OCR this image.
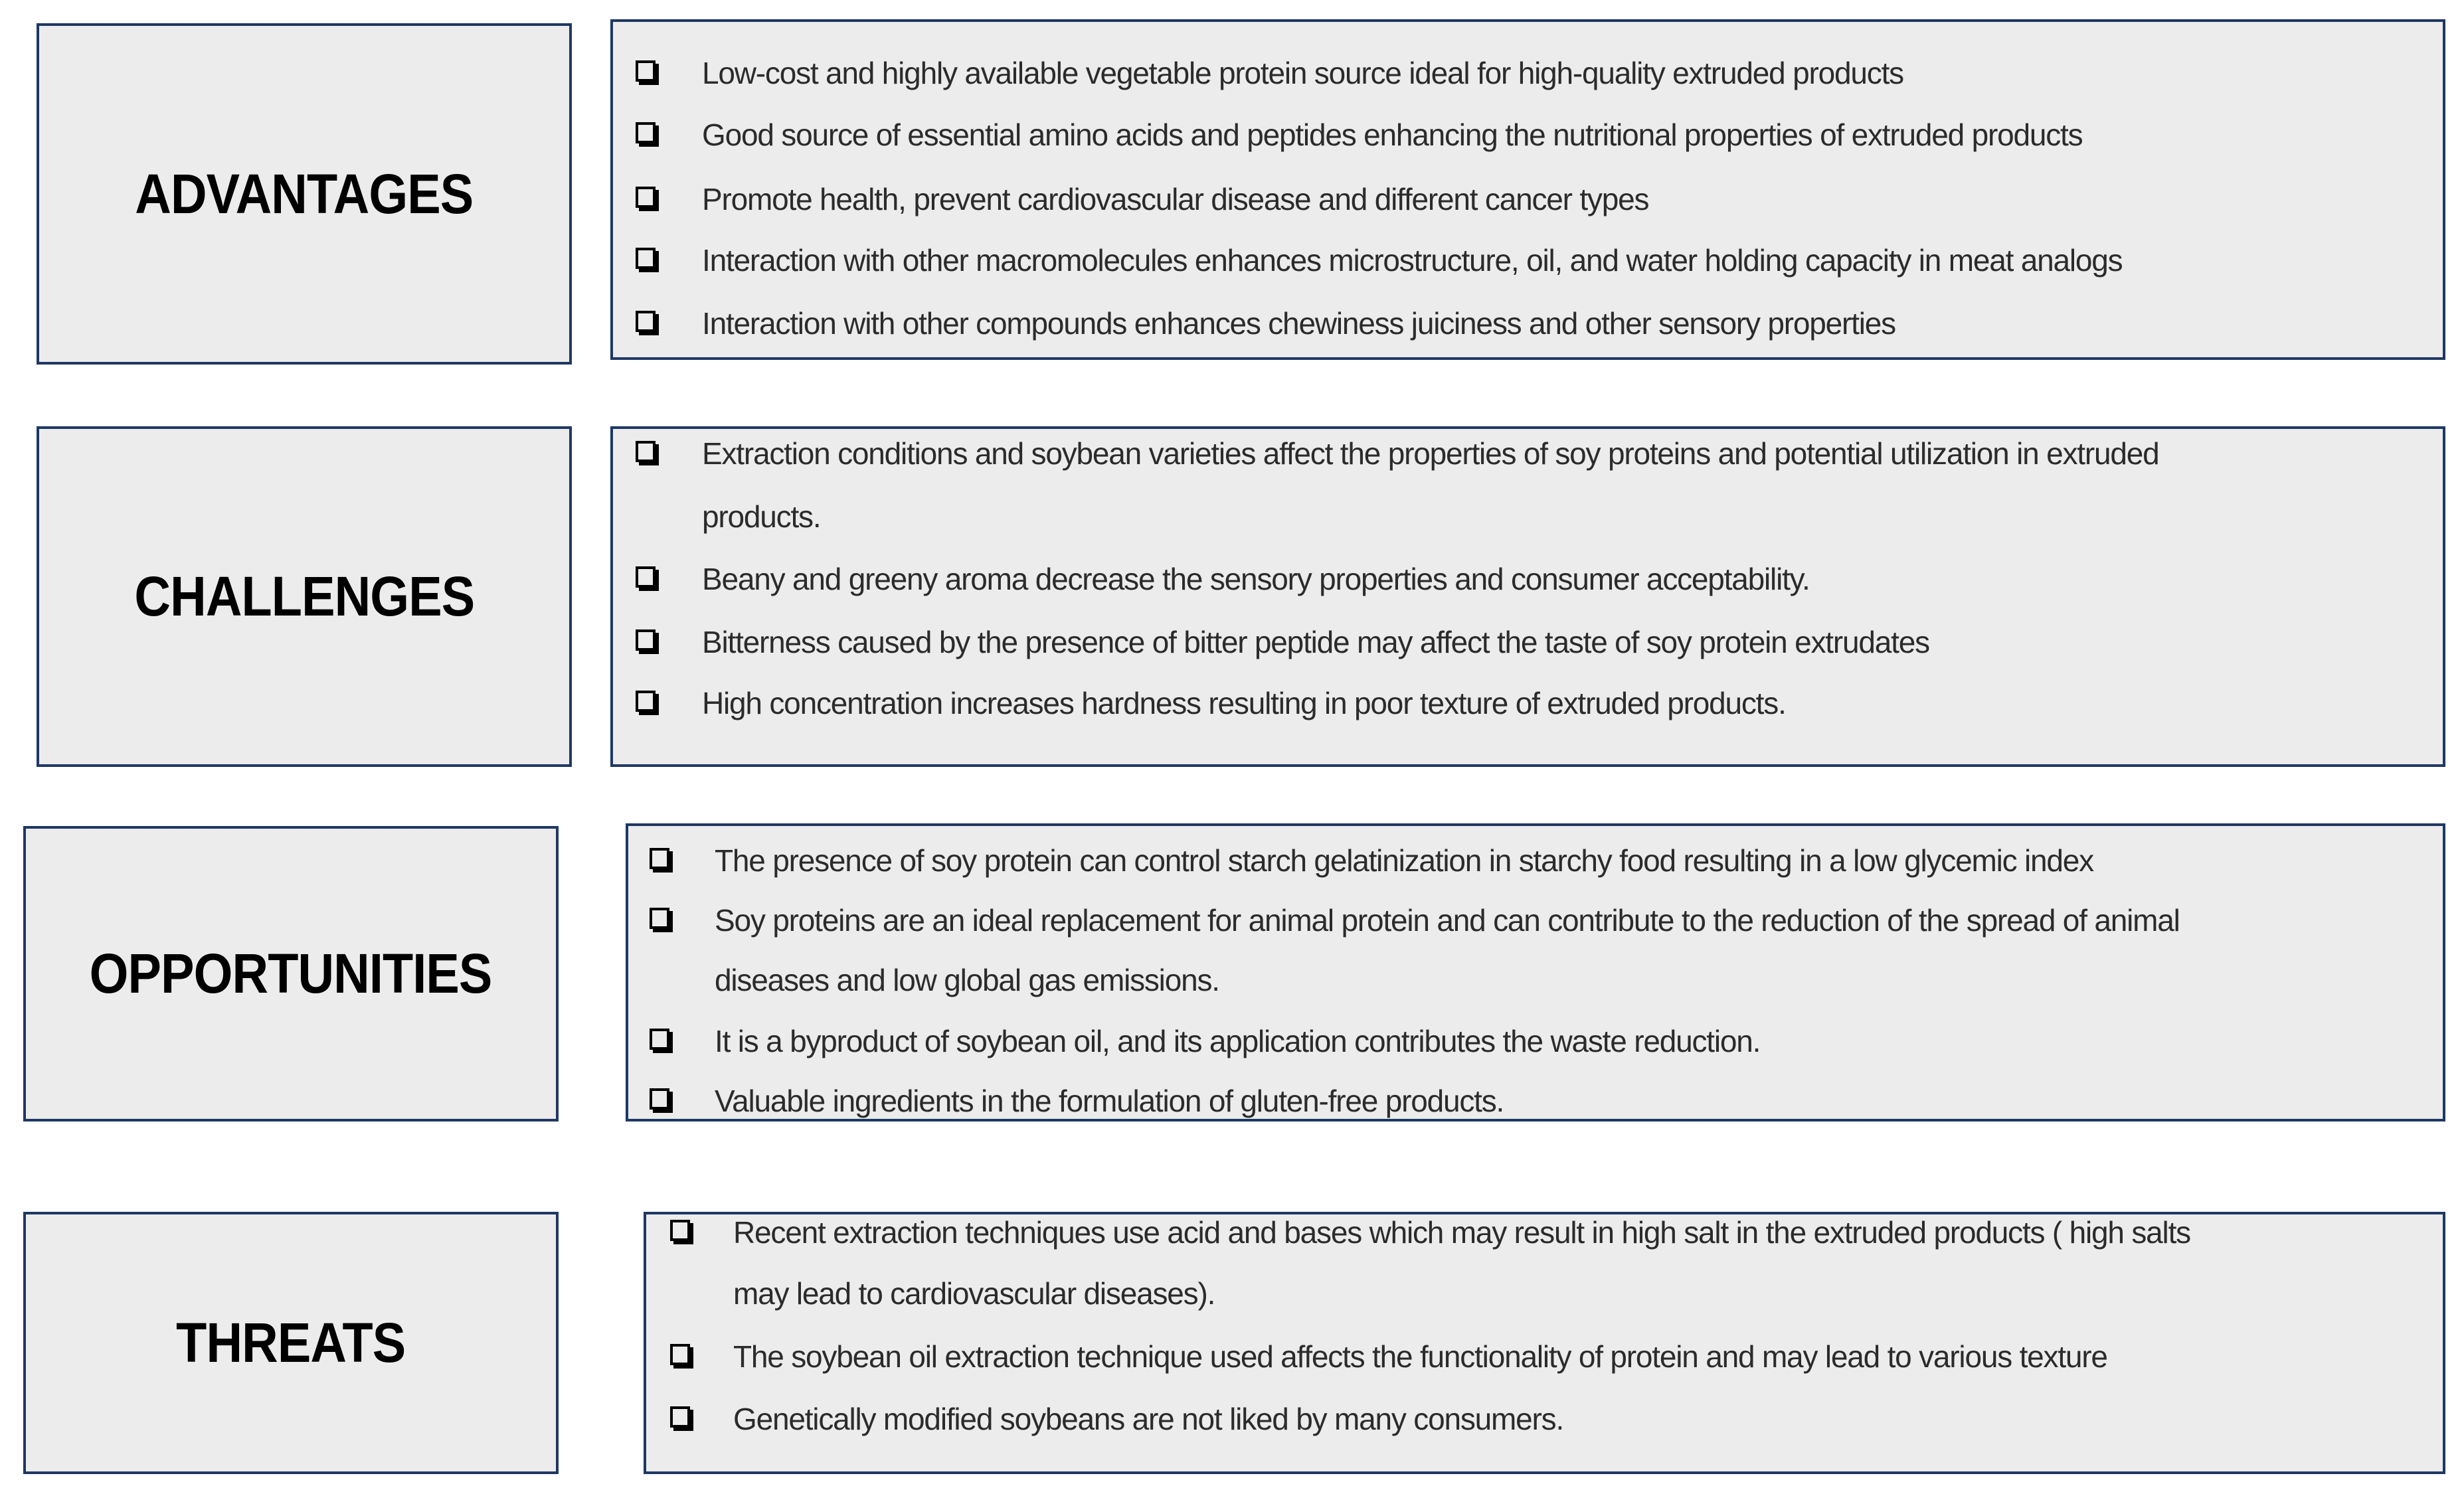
ADVANTAGES
Low-cost and highly available vegetable protein source ideal for high-quality extruded products
Good source of essential amino acids and peptides enhancing the nutritional properties of extruded products
Promote health, prevent cardiovascular disease and different cancer types
Interaction with other macromolecules enhances microstructure, oil, and water holding capacity in meat analogs
Interaction with other compounds enhances chewiness juiciness and other sensory properties
CHALLENGES
Extraction conditions and soybean varieties affect the properties of soy proteins and potential utilization in extruded
products.
Beany and greeny aroma decrease the sensory properties and consumer acceptability.
Bitterness caused by the presence of bitter peptide may affect the taste of soy protein extrudates
High concentration increases hardness resulting in poor texture of extruded products.
OPPORTUNITIES
The presence of soy protein can control starch gelatinization in starchy food resulting in a low glycemic index
Soy proteins are an ideal replacement for animal protein and can contribute to the reduction of the spread of animal
diseases and low global gas emissions.
It is a byproduct of soybean oil, and its application contributes the waste reduction.
Valuable ingredients in the formulation of gluten-free products.
THREATS
Recent extraction techniques use acid and bases which may result in high salt in the extruded products ( high salts
may lead to cardiovascular diseases).
The soybean oil extraction technique used affects the functionality of protein and may lead to various texture
Genetically modified soybeans are not liked by many consumers.
